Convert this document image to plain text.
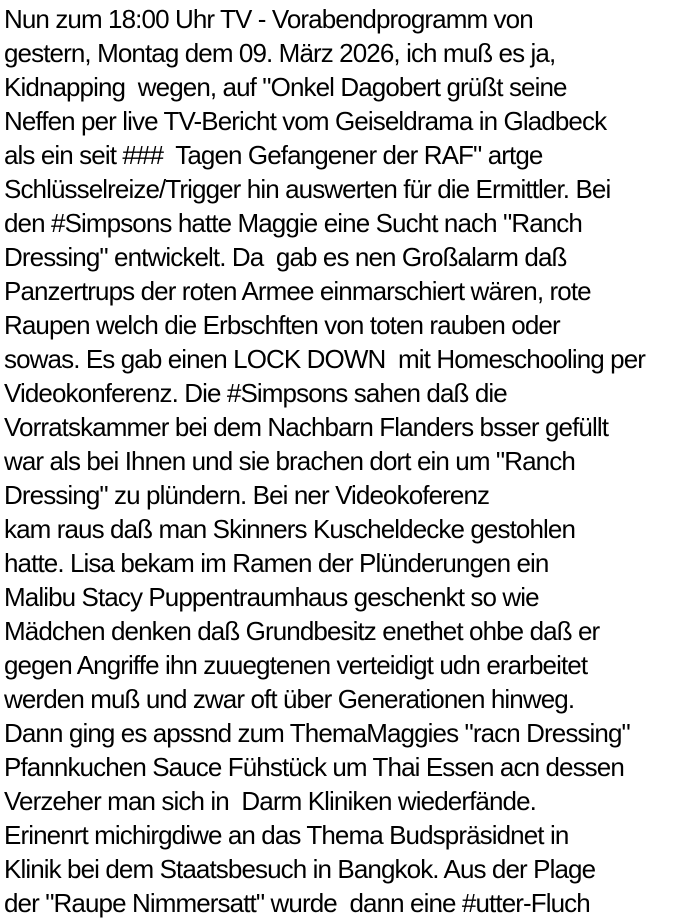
Nun zum 18:00 Uhr TV - Vorabendprogramm von
gestern, Montag dem 09. März 2026, ich muß es ja,
Kidnapping  wegen, auf "Onkel Dagobert grüßt seine
Neffen per live TV-Bericht vom Geiseldrama in Gladbeck
als ein seit ###  Tagen Gefangener der RAF" artge
Schlüsselreize/Trigger hin auswerten für die Ermittler. Bei
den #Simpsons hatte Maggie eine Sucht nach "Ranch
Dressing" entwickelt. Da  gab es nen Großalarm daß
Panzertrups der roten Armee einmarschiert wären, rote
Raupen welch die Erbschften von toten rauben oder
sowas. Es gab einen LOCK DOWN  mit Homeschooling per
Videokonferenz. Die #Simpsons sahen daß die
Vorratskammer bei dem Nachbarn Flanders bsser gefüllt
war als bei Ihnen und sie brachen dort ein um "Ranch
Dressing" zu plündern. Bei ner Videokoferenz
kam raus daß man Skinners Kuscheldecke gestohlen
hatte. Lisa bekam im Ramen der Plünderungen ein
Malibu Stacy Puppentraumhaus geschenkt so wie
Mädchen denken daß Grundbesitz enethet ohbe daß er
gegen Angriffe ihn zuuegtenen verteidigt udn erarbeitet
werden muß und zwar oft über Generationen hinweg.
Dann ging es apssnd zum ThemaMaggies "racn Dressing"
Pfannkuchen Sauce Fühstück um Thai Essen acn dessen
Verzeher man sich in  Darm Kliniken wiederfände.
Erinenrt michirgdiwe an das Thema Budspräsidnet in
Klinik bei dem Staatsbesuch in Bangkok. Aus der Plage
der "Raupe Nimmersatt" wurde  dann eine #utter-Fluch
